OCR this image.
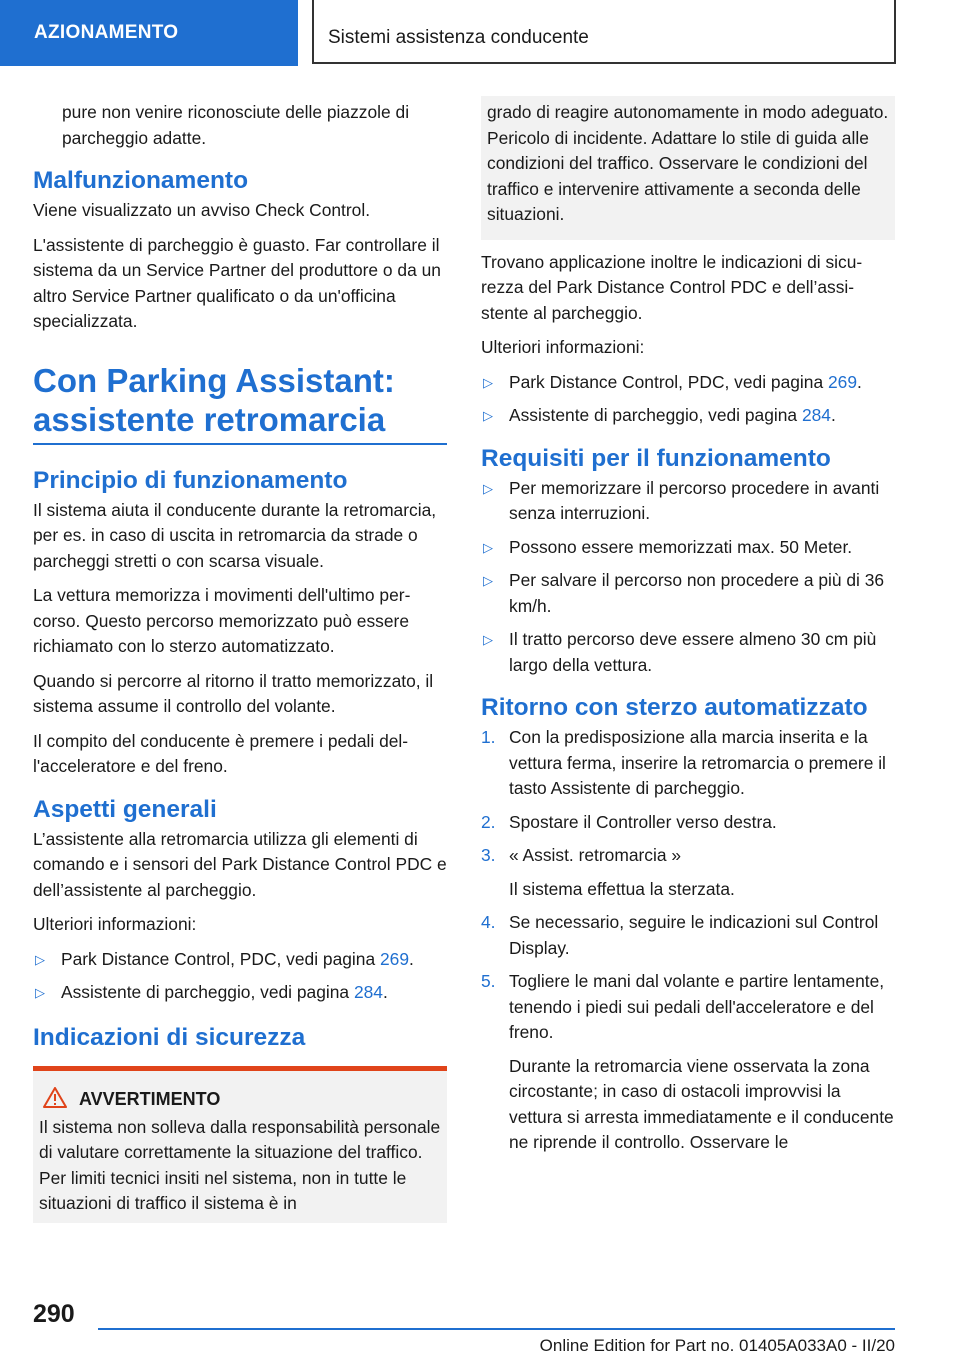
AZIONAMENTO	Sistemi assistenza conducente

pure non venire riconosciute delle piazzole di parcheggio adatte.

Malfunzionamento

Viene visualizzato un avviso Check Control.

L'assistente di parcheggio è guasto. Far controllare il sistema da un Service Partner del produttore o da un altro Service Partner qualificato o da un'officina specializzata.

Con Parking Assistant:
assistente retromarcia
Principio di funzionamento

Il sistema aiuta il conducente durante la retromarcia, per es. in caso di uscita in retromarcia da strade o parcheggi stretti o con scarsa visuale.

La vettura memorizza i movimenti dell'ultimo percorso. Questo percorso memorizzato può essere richiamato con lo sterzo automatizzato.

Quando si percorre al ritorno il tratto memorizzato, il sistema assume il controllo del volante.

Il compito del conducente è premere i pedali dell'acceleratore e del freno.

Aspetti generali

L’assistente alla retromarcia utilizza gli elementi di comando e i sensori del Park Distance Control PDC e dell’assistente al parcheggio.

Ulteriori informazioni:

▷ Park Distance Control, PDC, vedi pagina 269.
▷ Assistente di parcheggio, vedi pagina 284.
Indicazioni di sicurezza
AVVERTIMENTO

Il sistema non solleva dalla responsabilità personale di valutare correttamente la situazione del traffico. Per limiti tecnici insiti nel sistema, non in tutte le situazioni di traffico il sistema è in

grado di reagire autonomamente in modo adeguato. Pericolo di incidente. Adattare lo stile di guida alle condizioni del traffico. Osservare le condizioni del traffico e intervenire attivamente a seconda delle situazioni.

Trovano applicazione inoltre le indicazioni di sicurezza del Park Distance Control PDC e dell’assistente al parcheggio.

Ulteriori informazioni:

▷ Park Distance Control, PDC, vedi pagina 269.
▷ Assistente di parcheggio, vedi pagina 284.
Requisiti per il funzionamento
▷ Per memorizzare il percorso procedere in avanti senza interruzioni.
▷ Possono essere memorizzati max. 50 Meter.
▷ Per salvare il percorso non procedere a più di 36 km/h.
▷ Il tratto percorso deve essere almeno 30 cm più largo della vettura.
Ritorno con sterzo automatizzato
1. Con la predisposizione alla marcia inserita e la vettura ferma, inserire la retromarcia o premere il tasto Assistente di parcheggio.
2. Spostare il Controller verso destra.
3. « Assist. retromarcia »
Il sistema effettua la sterzata.
4. Se necessario, seguire le indicazioni sul Control Display.
5. Togliere le mani dal volante e partire lentamente, tenendo i piedi sui pedali dell'acceleratore e del freno.
Durante la retromarcia viene osservata la zona circostante; in caso di ostacoli improvvisi la vettura si arresta immediatamente e il conducente ne riprende il controllo. Osservare le
290
Online Edition for Part no. 01405A033A0 - II/20
